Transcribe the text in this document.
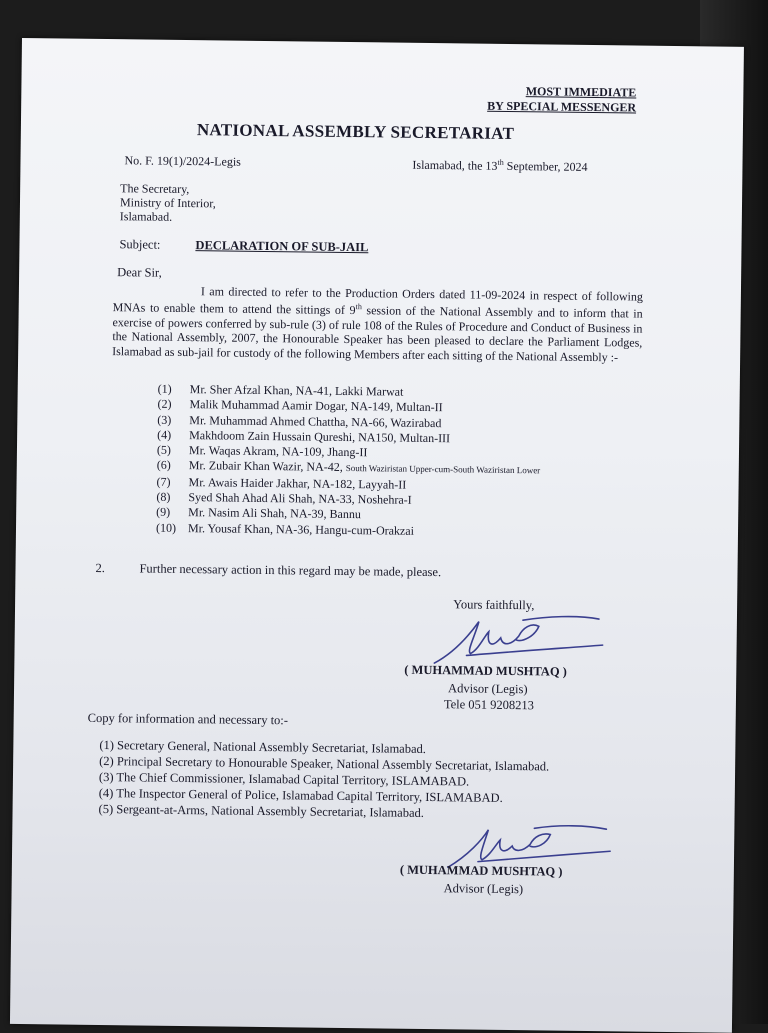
MOST IMMEDIATE
BY SPECIAL MESSENGER
NATIONAL ASSEMBLY SECRETARIAT
No. F. 19(1)/2024-Legis	Islamabad, the 13th September, 2024
The Secretary,
Ministry of Interior,
Islamabad.
Subject:	DECLARATION OF SUB-JAIL
Dear Sir,
I am directed to refer to the Production Orders dated 11-09-2024 in respect of following MNAs to enable them to attend the sittings of 9th session of the National Assembly and to inform that in exercise of powers conferred by sub-rule (3) of rule 108 of the Rules of Procedure and Conduct of Business in the National Assembly, 2007, the Honourable Speaker has been pleased to declare the Parliament Lodges, Islamabad as sub-jail for custody of the following Members after each sitting of the National Assembly :-
(1) Mr. Sher Afzal Khan, NA-41, Lakki Marwat
(2) Malik Muhammad Aamir Dogar, NA-149, Multan-II
(3) Mr. Muhammad Ahmed Chattha, NA-66, Wazirabad
(4) Makhdoom Zain Hussain Qureshi, NA150, Multan-III
(5) Mr. Waqas Akram, NA-109, Jhang-II
(6) Mr. Zubair Khan Wazir, NA-42, South Waziristan Upper-cum-South Waziristan Lower
(7) Mr. Awais Haider Jakhar, NA-182, Layyah-II
(8) Syed Shah Ahad Ali Shah, NA-33, Noshehra-I
(9) Mr. Nasim Ali Shah, NA-39, Bannu
(10) Mr. Yousaf Khan, NA-36, Hangu-cum-Orakzai
2.	Further necessary action in this regard may be made, please.
Yours faithfully,
( MUHAMMAD MUSHTAQ )
Advisor (Legis)
Tele 051 9208213
Copy for information and necessary to:-
(1) Secretary General, National Assembly Secretariat, Islamabad.
(2) Principal Secretary to Honourable Speaker, National Assembly Secretariat, Islamabad.
(3) The Chief Commissioner, Islamabad Capital Territory, ISLAMABAD.
(4) The Inspector General of Police, Islamabad Capital Territory, ISLAMABAD.
(5) Sergeant-at-Arms, National Assembly Secretariat, Islamabad.
( MUHAMMAD MUSHTAQ )
Advisor (Legis)
